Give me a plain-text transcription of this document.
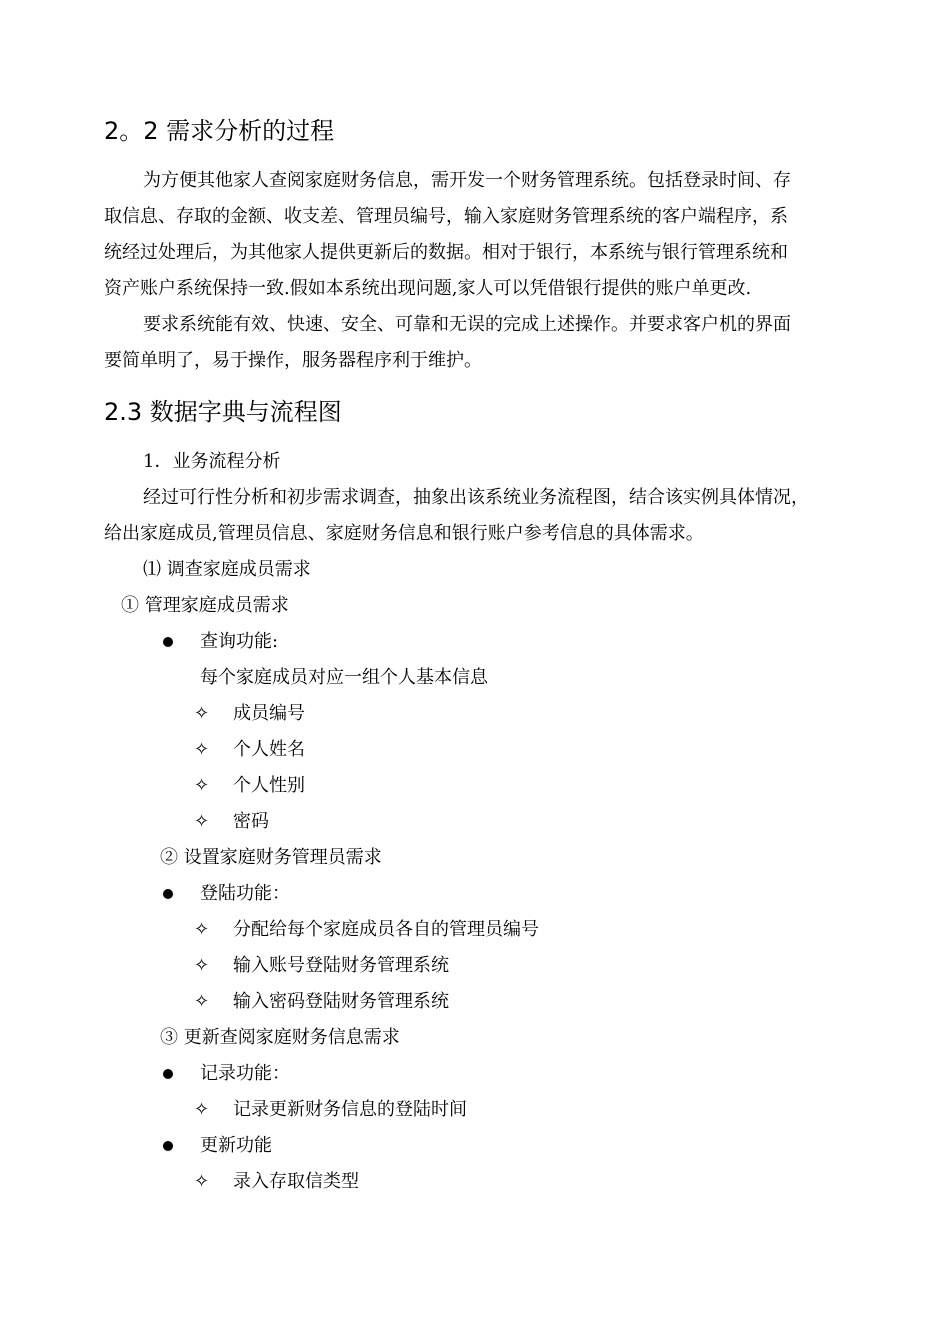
2。2 需求分析的过程
为方便其他家人查阅家庭财务信息，需开发一个财务管理系统。包括登录时间、存
取信息、存取的金额、收支差、管理员编号，输入家庭财务管理系统的客户端程序，系
统经过处理后，为其他家人提供更新后的数据。相对于银行，本系统与银行管理系统和
资产账户系统保持一致.假如本系统出现问题,家人可以凭借银行提供的账户单更改.
要求系统能有效、快速、安全、可靠和无误的完成上述操作。并要求客户机的界面
要简单明了，易于操作，服务器程序利于维护。
2.3 数据字典与流程图
1．业务流程分析
经过可行性分析和初步需求调查，抽象出该系统业务流程图，结合该实例具体情况，
给出家庭成员,管理员信息、家庭财务信息和银行账户参考信息的具体需求。
⑴ 调查家庭成员需求
① 管理家庭成员需求
查询功能:
每个家庭成员对应一组个人基本信息
✧ 成员编号
✧ 个人姓名
✧ 个人性别
✧ 密码
② 设置家庭财务管理员需求
登陆功能：
✧ 分配给每个家庭成员各自的管理员编号
✧ 输入账号登陆财务管理系统
✧ 输入密码登陆财务管理系统
③ 更新查阅家庭财务信息需求
记录功能：
✧ 记录更新财务信息的登陆时间
更新功能
✧ 录入存取信类型
